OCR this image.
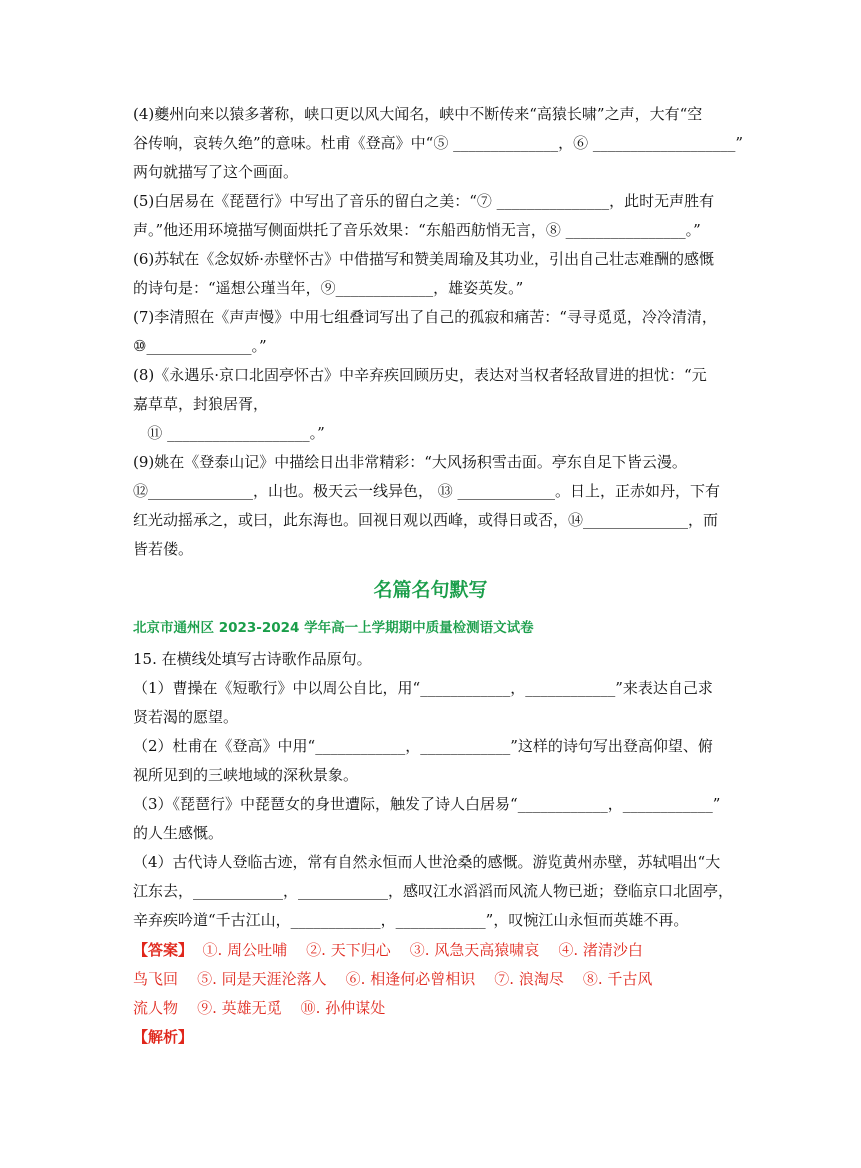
(4)夔州向来以猿多著称，峡口更以风大闻名，峡中不断传来“高猿长啸”之声，大有“空
谷传响，哀转久绝”的意味。杜甫《登高》中“⑤ ______________，⑥ ___________________”
两句就描写了这个画面。
(5)白居易在《琵琶行》中写出了音乐的留白之美：“⑦ _______________，此时无声胜有
声。”他还用环境描写侧面烘托了音乐效果：“东船西舫悄无言，⑧ ________________。”
(6)苏轼在《念奴娇·赤壁怀古》中借描写和赞美周瑜及其功业，引出自己壮志难酬的感慨
的诗句是：“遥想公瑾当年，⑨_____________，雄姿英发。”
(7)李清照在《声声慢》中用七组叠词写出了自己的孤寂和痛苦：“寻寻觅觅，冷冷清清，
⑩______________。”
(8)《永遇乐·京口北固亭怀古》中辛弃疾回顾历史，表达对当权者轻敌冒进的担忧：“元
嘉草草，封狼居胥，
⑪ ___________________。”
(9)姚在《登泰山记》中描绘日出非常精彩：“大风扬积雪击面。亭东自足下皆云漫。
⑫______________，山也。极天云一线异色， ⑬ _____________。日上，正赤如丹，下有
红光动摇承之，或曰，此东海也。回视日观以西峰，或得日或否，⑭______________，而
皆若偻。
名篇名句默写
北京市通州区 2023-2024 学年高一上学期期中质量检测语文试卷
15. 在横线处填写古诗歌作品原句。
（1）曹操在《短歌行》中以周公自比，用“____________，____________”来表达自己求
贤若渴的愿望。
（2）杜甫在《登高》中用“____________，____________”这样的诗句写出登高仰望、俯
视所见到的三峡地域的深秋景象。
（3）《琵琶行》中琵琶女的身世遭际，触发了诗人白居易“____________，____________”
的人生感慨。
（4）古代诗人登临古迹，常有自然永恒而人世沧桑的感慨。游览黄州赤壁，苏轼唱出“大
江东去，____________，____________，感叹江水滔滔而风流人物已逝；登临京口北固亭，
辛弃疾吟道“千古江山，____________，____________”，叹惋江山永恒而英雄不再。
【答案】  ①. 周公吐哺    ②. 天下归心    ③. 风急天高猿啸哀    ④. 渚清沙白
鸟飞回    ⑤. 同是天涯沦落人    ⑥. 相逢何必曾相识    ⑦. 浪淘尽    ⑧. 千古风
流人物    ⑨. 英雄无觅    ⑩. 孙仲谋处
【解析】
